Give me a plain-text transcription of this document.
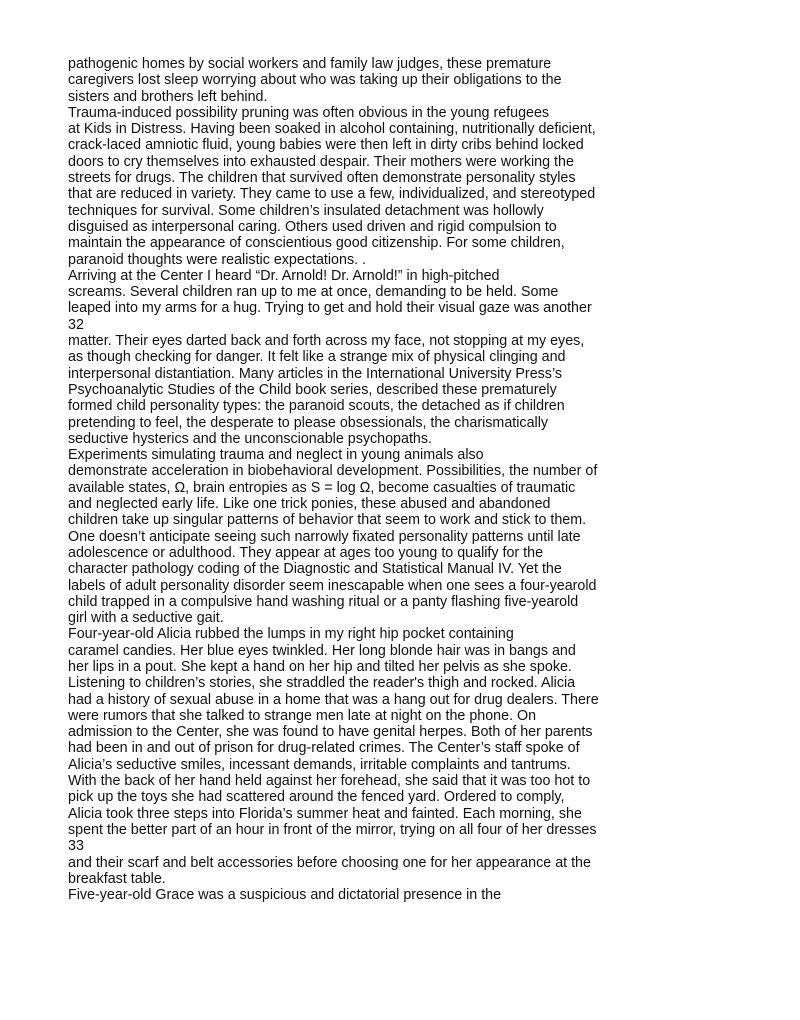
pathogenic homes by social workers and family law judges, these premature
caregivers lost sleep worrying about who was taking up their obligations to the
sisters and brothers left behind.
Trauma-induced possibility pruning was often obvious in the young refugees
at Kids in Distress. Having been soaked in alcohol containing, nutritionally deficient,
crack-laced amniotic fluid, young babies were then left in dirty cribs behind locked
doors to cry themselves into exhausted despair. Their mothers were working the
streets for drugs. The children that survived often demonstrate personality styles
that are reduced in variety. They came to use a few, individualized, and stereotyped
techniques for survival. Some children’s insulated detachment was hollowly
disguised as interpersonal caring. Others used driven and rigid compulsion to
maintain the appearance of conscientious good citizenship. For some children,
paranoid thoughts were realistic expectations. .
Arriving at the Center I heard “Dr. Arnold! Dr. Arnold!” in high-pitched
screams. Several children ran up to me at once, demanding to be held. Some
leaped into my arms for a hug. Trying to get and hold their visual gaze was another
32
matter. Their eyes darted back and forth across my face, not stopping at my eyes,
as though checking for danger. It felt like a strange mix of physical clinging and
interpersonal distantiation. Many articles in the International University Press’s
Psychoanalytic Studies of the Child book series, described these prematurely
formed child personality types: the paranoid scouts, the detached as if children
pretending to feel, the desperate to please obsessionals, the charismatically
seductive hysterics and the unconscionable psychopaths.
Experiments simulating trauma and neglect in young animals also
demonstrate acceleration in biobehavioral development. Possibilities, the number of
available states, Ω, brain entropies as S = log Ω, become casualties of traumatic
and neglected early life. Like one trick ponies, these abused and abandoned
children take up singular patterns of behavior that seem to work and stick to them.
One doesn’t anticipate seeing such narrowly fixated personality patterns until late
adolescence or adulthood. They appear at ages too young to qualify for the
character pathology coding of the Diagnostic and Statistical Manual IV. Yet the
labels of adult personality disorder seem inescapable when one sees a four-yearold
child trapped in a compulsive hand washing ritual or a panty flashing five-yearold
girl with a seductive gait.
Four-year-old Alicia rubbed the lumps in my right hip pocket containing
caramel candies. Her blue eyes twinkled. Her long blonde hair was in bangs and
her lips in a pout. She kept a hand on her hip and tilted her pelvis as she spoke.
Listening to children’s stories, she straddled the reader's thigh and rocked. Alicia
had a history of sexual abuse in a home that was a hang out for drug dealers. There
were rumors that she talked to strange men late at night on the phone. On
admission to the Center, she was found to have genital herpes. Both of her parents
had been in and out of prison for drug-related crimes. The Center’s staff spoke of
Alicia’s seductive smiles, incessant demands, irritable complaints and tantrums.
With the back of her hand held against her forehead, she said that it was too hot to
pick up the toys she had scattered around the fenced yard. Ordered to comply,
Alicia took three steps into Florida’s summer heat and fainted. Each morning, she
spent the better part of an hour in front of the mirror, trying on all four of her dresses
33
and their scarf and belt accessories before choosing one for her appearance at the
breakfast table.
Five-year-old Grace was a suspicious and dictatorial presence in the
